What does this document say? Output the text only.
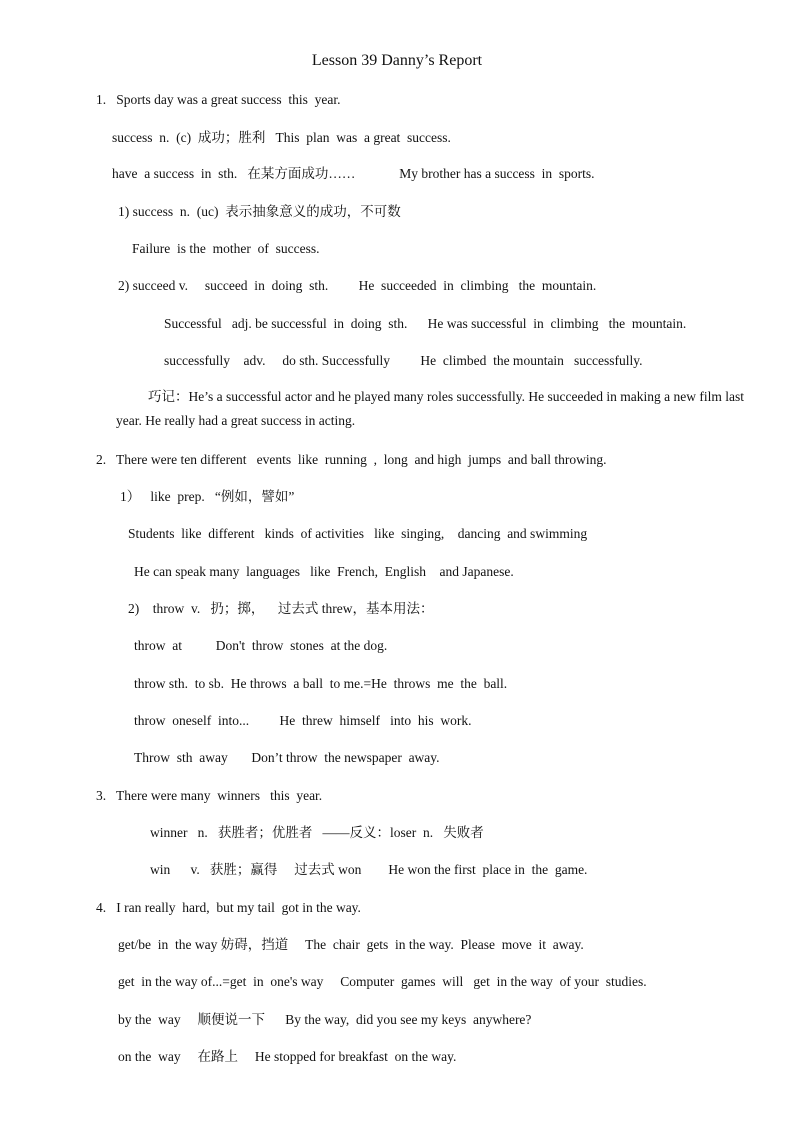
Lesson 39 Danny’s Report
1.   Sports day was a great success  this  year.
success  n.  (c)  成功；胜利   This  plan  was  a great  success.
have  a success  in  sth.   在某方面成功……             My brother has a success  in  sports.
1) success  n.  (uc)  表示抽象意义的成功，不可数
Failure  is the  mother  of  success.
2) succeed v.     succeed  in  doing  sth.         He  succeeded  in  climbing   the  mountain.
Successful   adj. be successful  in  doing  sth.      He was successful  in  climbing   the  mountain.
successfully    adv.     do sth. Successfully         He  climbed  the mountain   successfully.
巧记：He’s a successful actor and he played many roles successfully. He succeeded in making a new film last year. He really had a great success in acting.
2.   There were ten different   events  like  running  ,  long  and high  jumps  and ball throwing.
1）   like  prep.   “例如，譬如”
Students  like  different   kinds  of activities   like  singing,    dancing  and swimming
He can speak many  languages   like  French,  English    and Japanese.
2)    throw  v.   扔；掷，    过去式 threw，基本用法：
throw  at          Don't  throw  stones  at the dog.
throw sth.  to sb.  He throws  a ball  to me.=He  throws  me  the  ball.
throw  oneself  into...         He  threw  himself   into  his  work.
Throw  sth  away       Don’t throw  the newspaper  away.
3.   There were many  winners   this  year.
winner   n.   获胜者；优胜者   ——反义：loser  n.   失败者
win      v.   获胜；赢得     过去式 won        He won the first  place in  the  game.
4.   I ran really  hard,  but my tail  got in the way.
get/be  in  the way 妨碍，挡道     The  chair  gets  in the way.  Please  move  it  away.
get  in the way of...=get  in  one's way     Computer  games  will   get  in the way  of your  studies.
by the  way     顺便说一下      By the way,  did you see my keys  anywhere?
on the  way     在路上     He stopped for breakfast  on the way.
